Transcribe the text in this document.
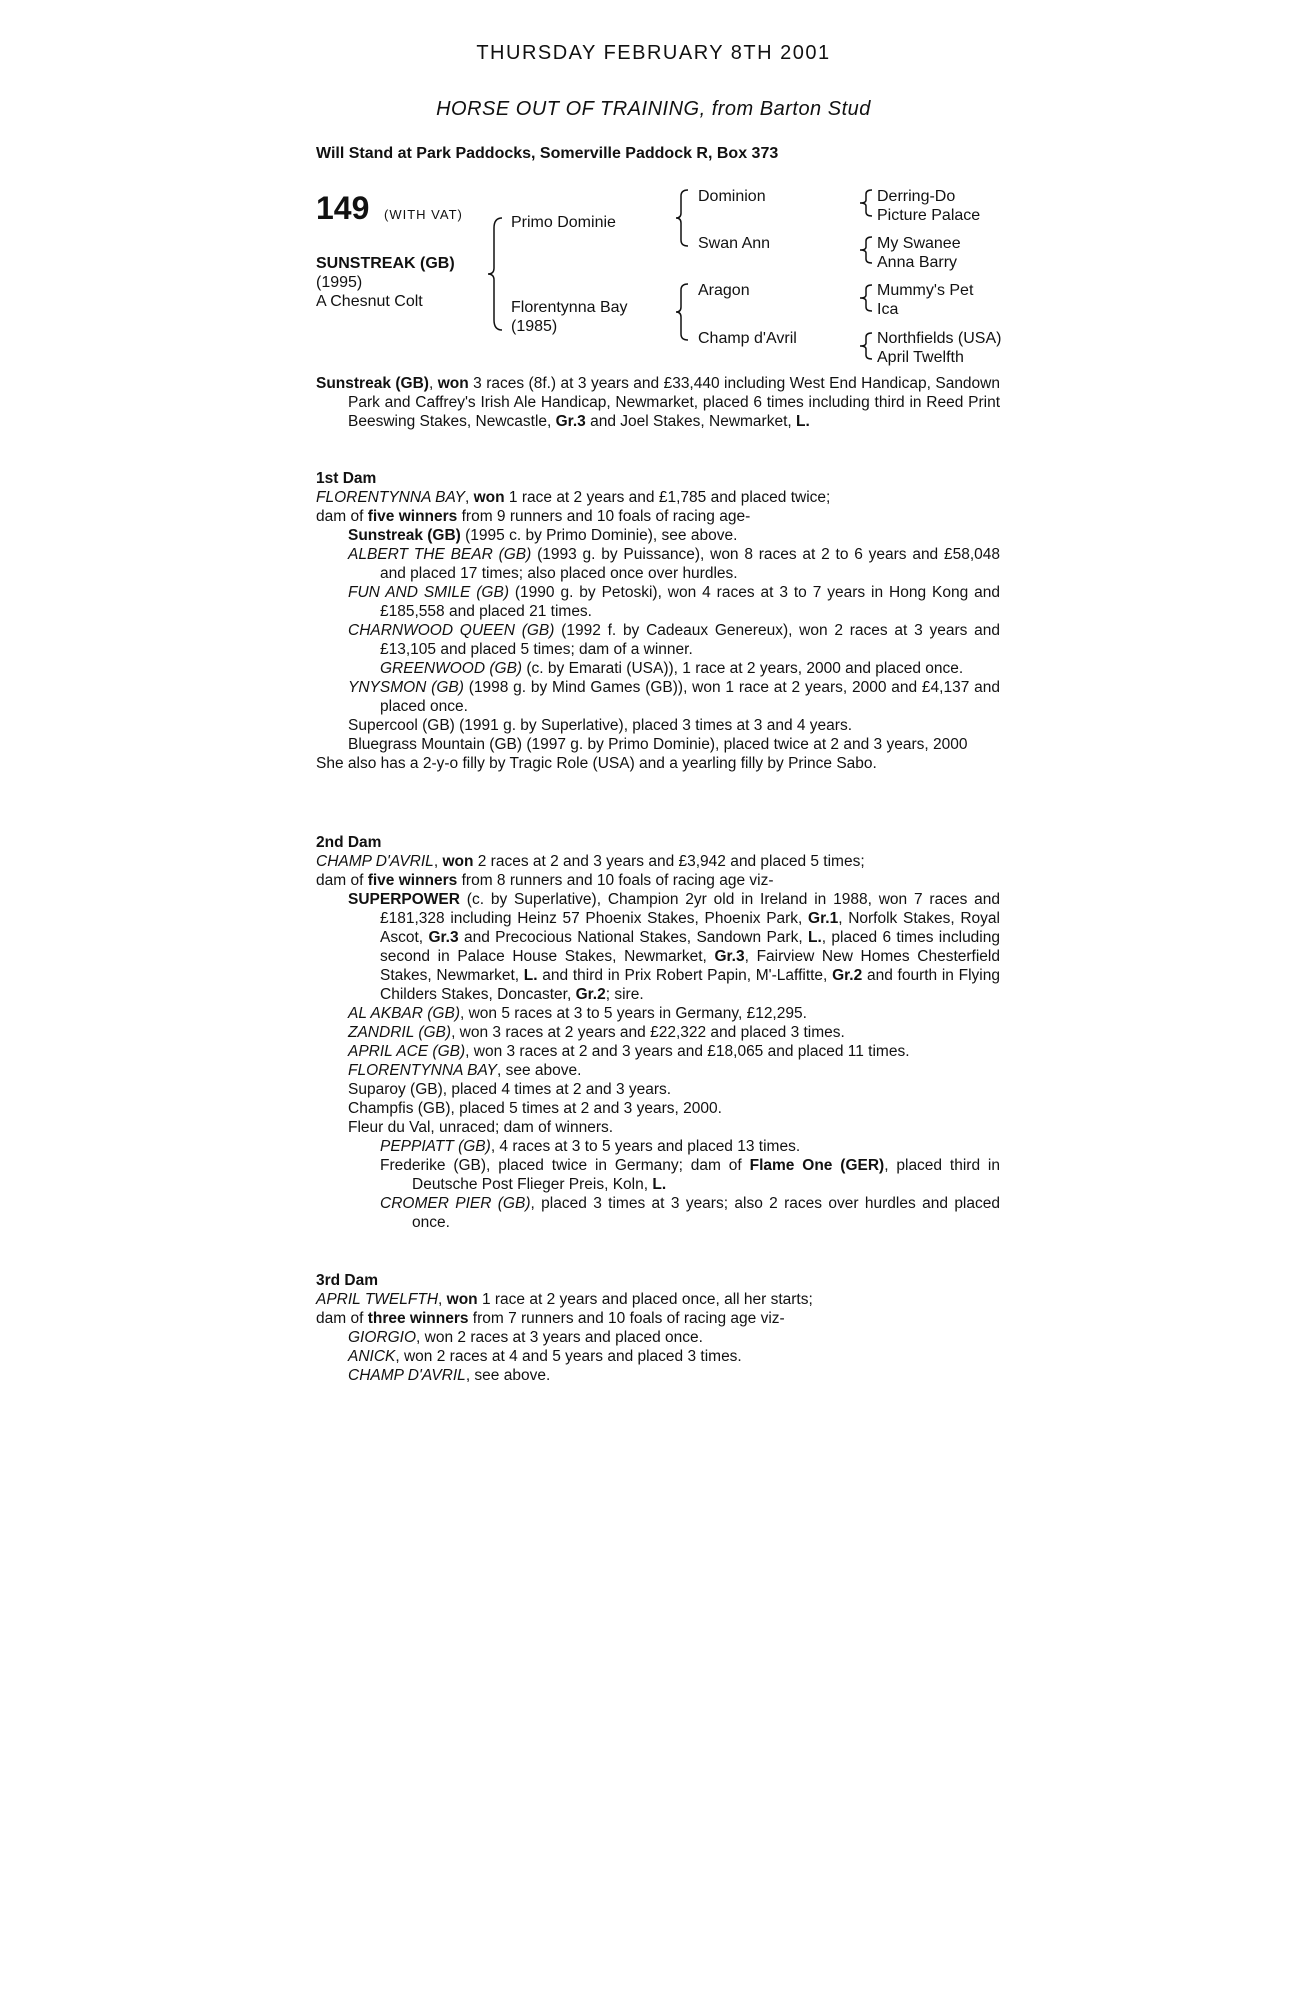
THURSDAY FEBRUARY 8TH 2001
HORSE OUT OF TRAINING, from Barton Stud
Will Stand at Park Paddocks, Somerville Paddock R, Box 373
149 (WITH VAT)
SUNSTREAK (GB)
(1995)
A Chesnut Colt
Primo Dominie
Florentynna Bay
(1985)
Dominion
Swan Ann
Aragon
Champ d'Avril
Derring-Do
Picture Palace
My Swanee
Anna Barry
Mummy's Pet
Ica
Northfields (USA)
April Twelfth

Sunstreak (GB), won 3 races (8f.) at 3 years and £33,440 including West End Handicap, Sandown Park and Caffrey's Irish Ale Handicap, Newmarket, placed 6 times including third in Reed Print Beeswing Stakes, Newcastle, Gr.3 and Joel Stakes, Newmarket, L.

1st Dam

FLORENTYNNA BAY, won 1 race at 2 years and £1,785 and placed twice;

dam of five winners from 9 runners and 10 foals of racing age-

Sunstreak (GB) (1995 c. by Primo Dominie), see above.

ALBERT THE BEAR (GB) (1993 g. by Puissance), won 8 races at 2 to 6 years and £58,048 and placed 17 times; also placed once over hurdles.

FUN AND SMILE (GB) (1990 g. by Petoski), won 4 races at 3 to 7 years in Hong Kong and £185,558 and placed 21 times.

CHARNWOOD QUEEN (GB) (1992 f. by Cadeaux Genereux), won 2 races at 3 years and £13,105 and placed 5 times; dam of a winner.

GREENWOOD (GB) (c. by Emarati (USA)), 1 race at 2 years, 2000 and placed once.

YNYSMON (GB) (1998 g. by Mind Games (GB)), won 1 race at 2 years, 2000 and £4,137 and placed once.

Supercool (GB) (1991 g. by Superlative), placed 3 times at 3 and 4 years.

Bluegrass Mountain (GB) (1997 g. by Primo Dominie), placed twice at 2 and 3 years, 2000

She also has a 2-y-o filly by Tragic Role (USA) and a yearling filly by Prince Sabo.

2nd Dam

CHAMP D'AVRIL, won 2 races at 2 and 3 years and £3,942 and placed 5 times;

dam of five winners from 8 runners and 10 foals of racing age viz-

SUPERPOWER (c. by Superlative), Champion 2yr old in Ireland in 1988, won 7 races and £181,328 including Heinz 57 Phoenix Stakes, Phoenix Park, Gr.1, Norfolk Stakes, Royal Ascot, Gr.3 and Precocious National Stakes, Sandown Park, L., placed 6 times including second in Palace House Stakes, Newmarket, Gr.3, Fairview New Homes Chesterfield Stakes, Newmarket, L. and third in Prix Robert Papin, M'-Laffitte, Gr.2 and fourth in Flying Childers Stakes, Doncaster, Gr.2; sire.

AL AKBAR (GB), won 5 races at 3 to 5 years in Germany, £12,295.

ZANDRIL (GB), won 3 races at 2 years and £22,322 and placed 3 times.

APRIL ACE (GB), won 3 races at 2 and 3 years and £18,065 and placed 11 times.

FLORENTYNNA BAY, see above.

Suparoy (GB), placed 4 times at 2 and 3 years.

Champfis (GB), placed 5 times at 2 and 3 years, 2000.

Fleur du Val, unraced; dam of winners.

PEPPIATT (GB), 4 races at 3 to 5 years and placed 13 times.

Frederike (GB), placed twice in Germany; dam of Flame One (GER), placed third in Deutsche Post Flieger Preis, Koln, L.

CROMER PIER (GB), placed 3 times at 3 years; also 2 races over hurdles and placed once.

3rd Dam

APRIL TWELFTH, won 1 race at 2 years and placed once, all her starts;

dam of three winners from 7 runners and 10 foals of racing age viz-

GIORGIO, won 2 races at 3 years and placed once.

ANICK, won 2 races at 4 and 5 years and placed 3 times.

CHAMP D'AVRIL, see above.
